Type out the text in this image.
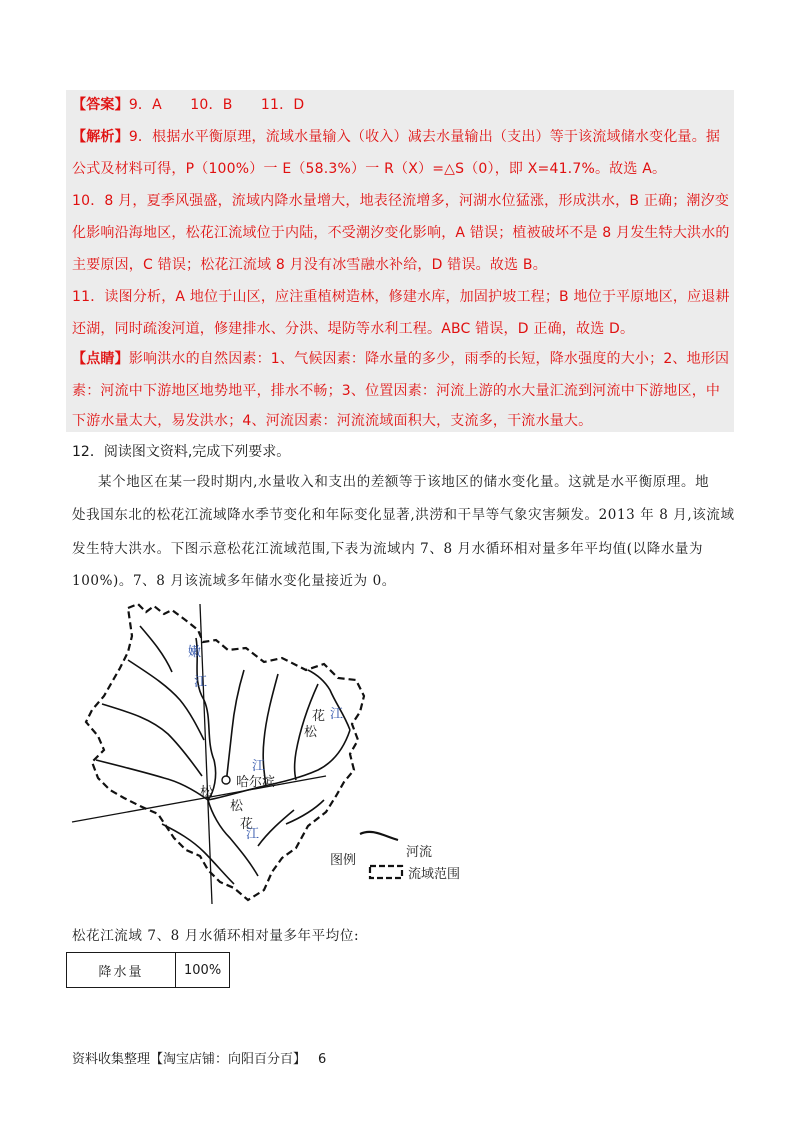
【答案】9．A　　10．B　　11．D
【解析】9．根据水平衡原理，流域水量输入（收入）减去水量输出（支出）等于该流域储水变化量。据
公式及材料可得，P（100%）一 E（58.3%）一 R（X）=△S（0），即 X=41.7%。故选 A。
10．8 月，夏季风强盛，流域内降水量增大，地表径流增多，河湖水位猛涨，形成洪水，B 正确；潮汐变
化影响沿海地区，松花江流域位于内陆，不受潮汐变化影响，A 错误；植被破坏不是 8 月发生特大洪水的
主要原因，C 错误；松花江流域 8 月没有冰雪融水补给，D 错误。故选 B。
11．读图分析，A 地位于山区，应注重植树造林，修建水库，加固护坡工程；B 地位于平原地区，应退耕
还湖，同时疏浚河道，修建排水、分洪、堤防等水利工程。ABC 错误，D 正确，故选 D。
【点睛】影响洪水的自然因素：1、气候因素：降水量的多少，雨季的长短，降水强度的大小；2、地形因
素：河流中下游地区地势地平，排水不畅；3、位置因素：河流上游的水大量汇流到河流中下游地区，中
下游水量太大，易发洪水；4、河流因素：河流流域面积大，支流多，干流水量大。
12．阅读图文资料,完成下列要求。
某个地区在某一段时期内,水量收入和支出的差额等于该地区的储水变化量。这就是水平衡原理。地
处我国东北的松花江流域降水季节变化和年际变化显著,洪涝和干旱等气象灾害频发。2013 年 8 月,该流域
发生特大洪水。下图示意松花江流域范围,下表为流域内 7、8 月水循环相对量多年平均值(以降水量为
100%)。7、8 月该流域多年储水变化量接近为 0。
嫩
江
花 江
松
江
哈尔滨
松
松
花
江
图例
河流
流域范围
松花江流域 7、8 月水循环相对量多年平均位:
降水量	100%
资料收集整理【淘宝店铺：向阳百分百】 6
